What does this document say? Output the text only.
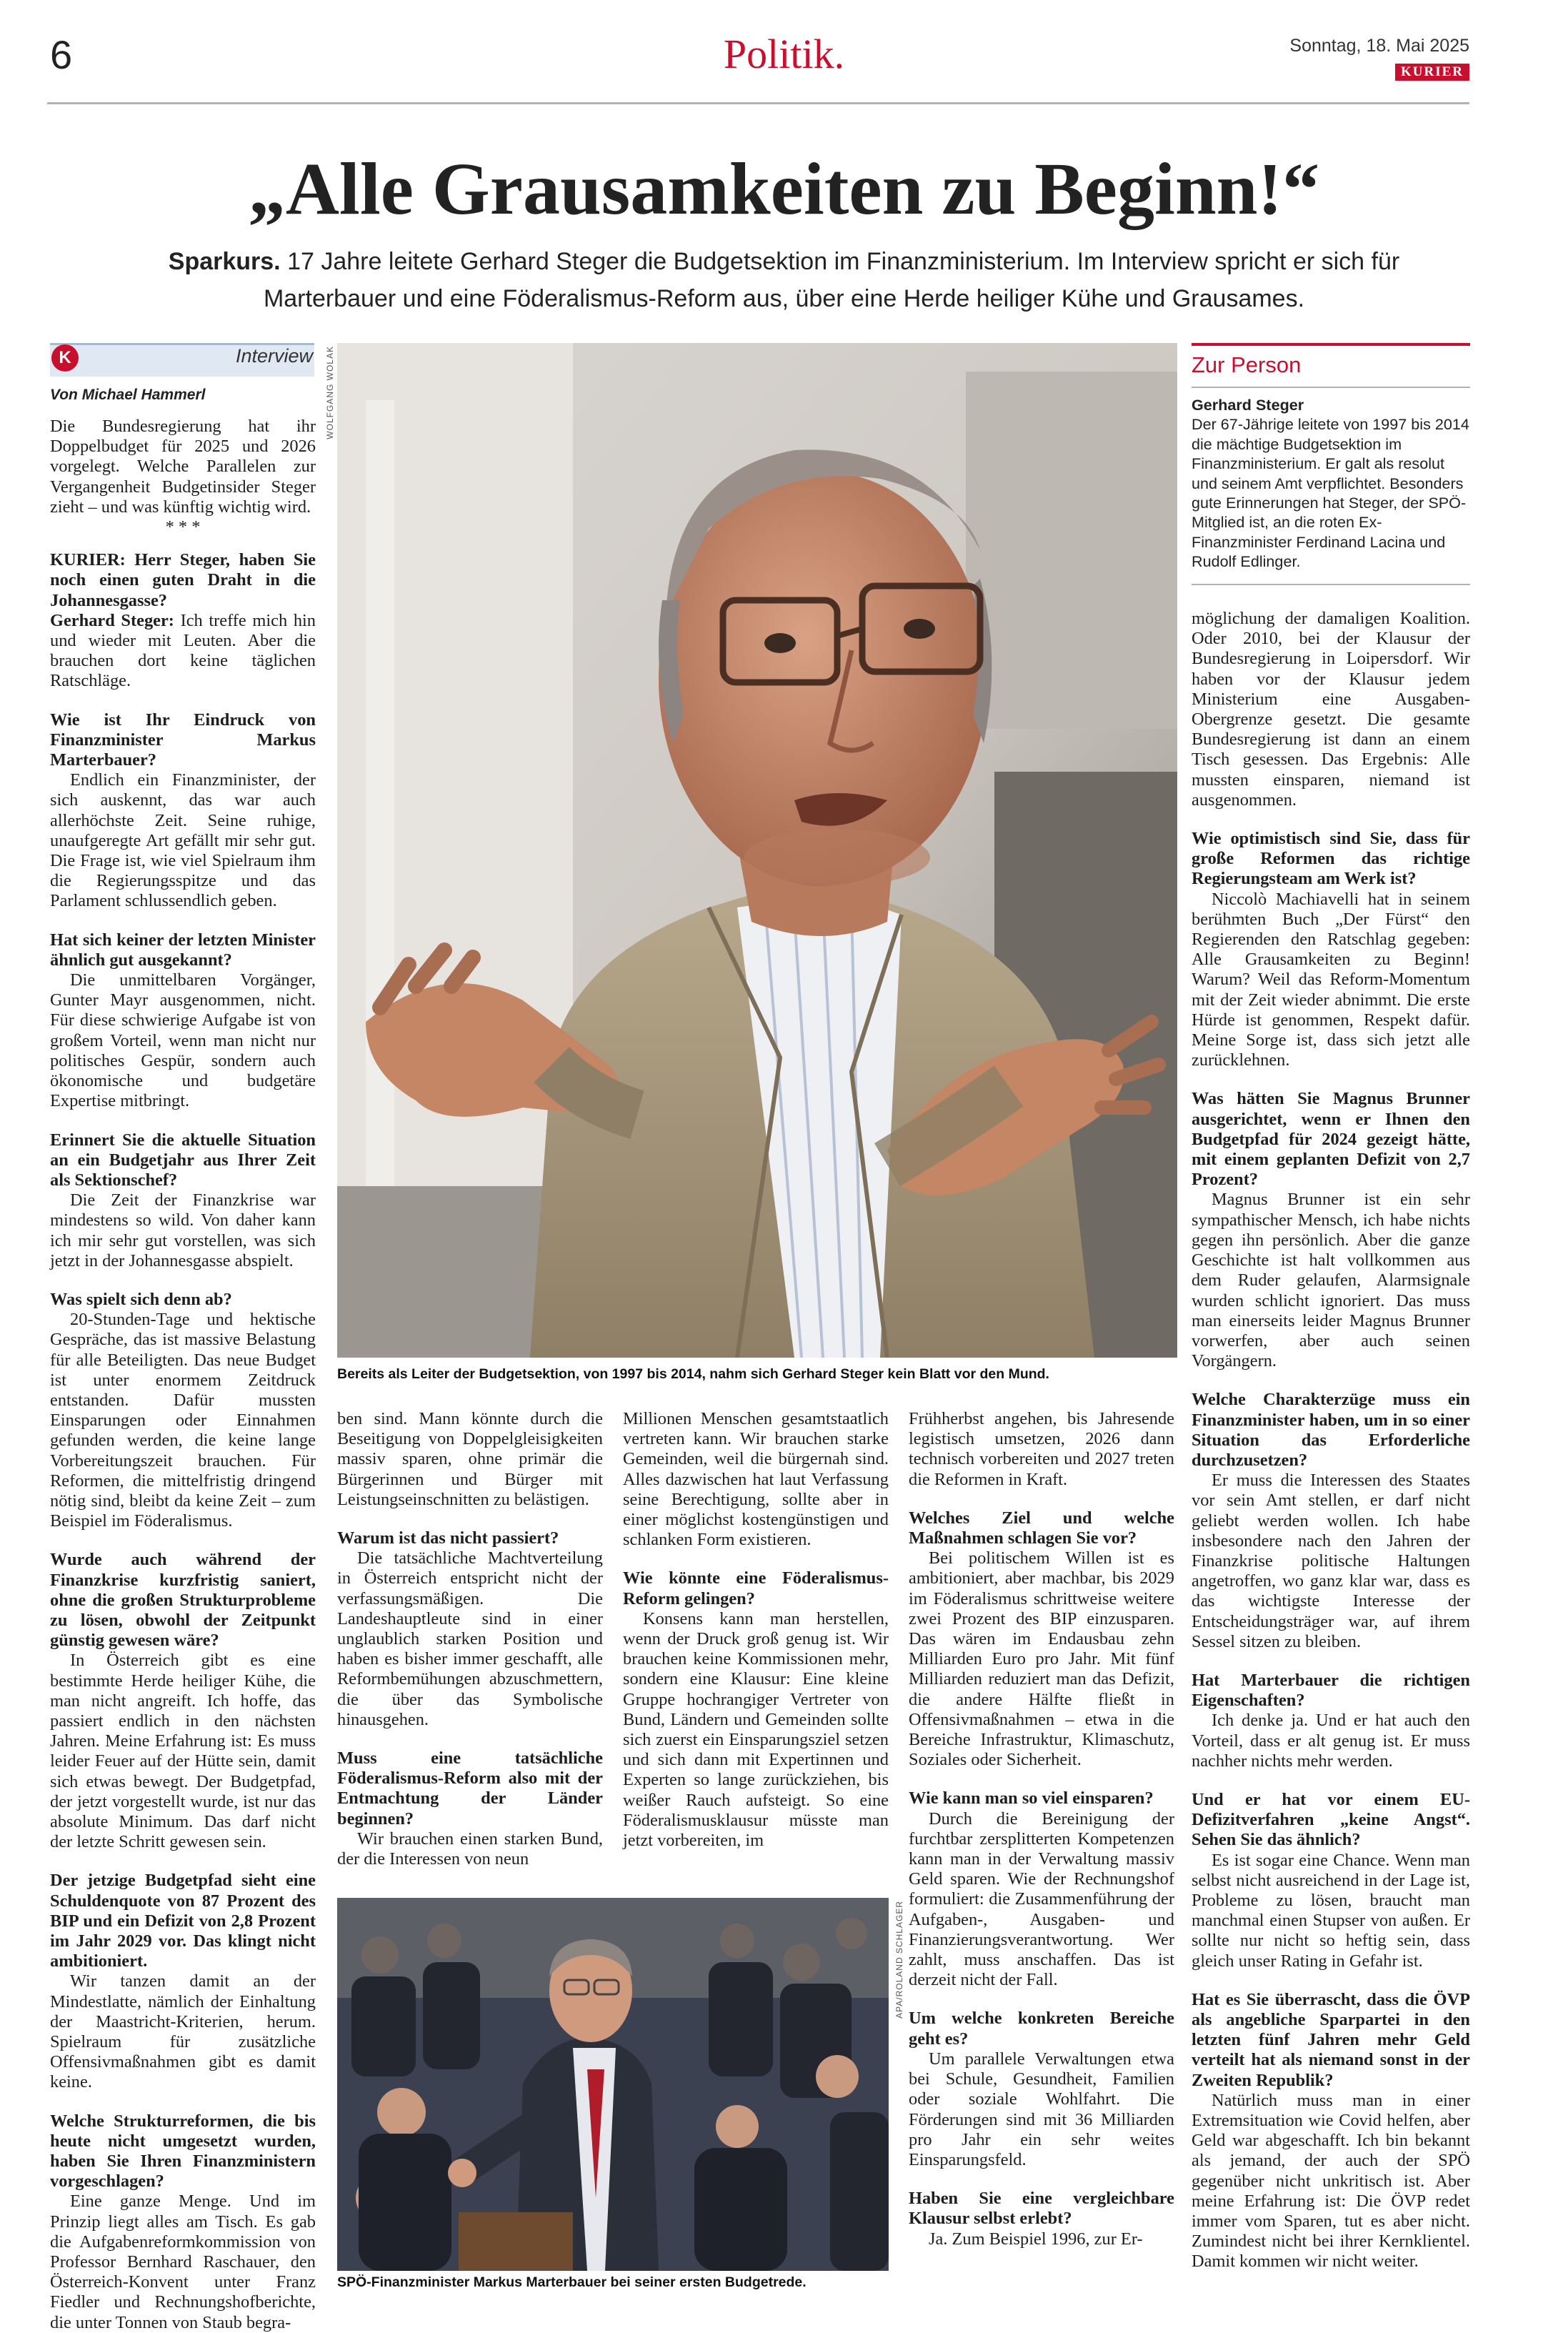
6	Politik.	Sonntag, 18. Mai 2025
KURIER
„Alle Grausamkeiten zu Beginn!“
Sparkurs. 17 Jahre leitete Gerhard Steger die Budgetsektion im Finanzministerium. Im Interview spricht er sich für Marterbauer und eine Föderalismus-Reform aus, über eine Herde heiliger Kühe und Grausames.
K	Interview
Von Michael Hammerl

Die Bundesregierung hat ihr Doppelbudget für 2025 und 2026 vorgelegt. Welche Parallelen zur Vergangenheit Budgetinsider Steger zieht – und was künftig wichtig wird.

* * *

KURIER: Herr Steger, haben Sie noch einen guten Draht in die Johannesgasse?

Gerhard Steger: Ich treffe mich hin und wieder mit Leuten. Aber die brauchen dort keine täglichen Ratschläge.

Wie ist Ihr Eindruck von Finanzminister Markus Marterbauer?

Endlich ein Finanzminister, der sich auskennt, das war auch allerhöchste Zeit. Seine ruhige, unaufgeregte Art gefällt mir sehr gut. Die Frage ist, wie viel Spielraum ihm die Regierungsspitze und das Parlament schlussendlich geben.

Hat sich keiner der letzten Minister ähnlich gut ausgekannt?

Die unmittelbaren Vorgänger, Gunter Mayr ausgenommen, nicht. Für diese schwierige Aufgabe ist von großem Vorteil, wenn man nicht nur politisches Gespür, sondern auch ökonomische und budgetäre Expertise mitbringt.

Erinnert Sie die aktuelle Situation an ein Budgetjahr aus Ihrer Zeit als Sektionschef?

Die Zeit der Finanzkrise war mindestens so wild. Von daher kann ich mir sehr gut vorstellen, was sich jetzt in der Johannesgasse abspielt.

Was spielt sich denn ab?

20-Stunden-Tage und hektische Gespräche, das ist massive Belastung für alle Beteiligten. Das neue Budget ist unter enormem Zeitdruck entstanden. Dafür mussten Einsparungen oder Einnahmen gefunden werden, die keine lange Vorbereitungszeit brauchen. Für Reformen, die mittelfristig dringend nötig sind, bleibt da keine Zeit – zum Beispiel im Föderalismus.

Wurde auch während der Finanzkrise kurzfristig saniert, ohne die großen Strukturprobleme zu lösen, obwohl der Zeitpunkt günstig gewesen wäre?

In Österreich gibt es eine bestimmte Herde heiliger Kühe, die man nicht angreift. Ich hoffe, das passiert endlich in den nächsten Jahren. Meine Erfahrung ist: Es muss leider Feuer auf der Hütte sein, damit sich etwas bewegt. Der Budgetpfad, der jetzt vorgestellt wurde, ist nur das absolute Minimum. Das darf nicht der letzte Schritt gewesen sein.

Der jetzige Budgetpfad sieht eine Schuldenquote von 87 Prozent des BIP und ein Defizit von 2,8 Prozent im Jahr 2029 vor. Das klingt nicht ambitioniert.

Wir tanzen damit an der Mindestlatte, nämlich der Einhaltung der Maastricht-Kriterien, herum. Spielraum für zusätzliche Offensivmaßnahmen gibt es damit keine.

Welche Strukturreformen, die bis heute nicht umgesetzt wurden, haben Sie Ihren Finanzministern vorgeschlagen?

Eine ganze Menge. Und im Prinzip liegt alles am Tisch. Es gab die Aufgabenreformkommission von Professor Bernhard Raschauer, den Österreich-Konvent unter Franz Fiedler und Rechnungshofberichte, die unter Tonnen von Staub begra-

WOLFGANG WOLAK
Bereits als Leiter der Budgetsektion, von 1997 bis 2014, nahm sich Gerhard Steger kein Blatt vor den Mund.
Zur Person
Gerhard Steger
Der 67-Jährige leitete von 1997 bis 2014 die mächtige Budgetsektion im Finanzministerium. Er galt als resolut und seinem Amt verpflichtet. Besonders gute Erinnerungen hat Steger, der SPÖ-Mitglied ist, an die roten Ex-Finanzminister Ferdinand Lacina und Rudolf Edlinger.

möglichung der damaligen Koalition. Oder 2010, bei der Klausur der Bundesregierung in Loipersdorf. Wir haben vor der Klausur jedem Ministerium eine Ausgaben-Obergrenze gesetzt. Die gesamte Bundesregierung ist dann an einem Tisch gesessen. Das Ergebnis: Alle mussten einsparen, niemand ist ausgenommen.

Wie optimistisch sind Sie, dass für große Reformen das richtige Regierungsteam am Werk ist?

Niccolò Machiavelli hat in seinem berühmten Buch „Der Fürst“ den Regierenden den Ratschlag gegeben: Alle Grausamkeiten zu Beginn! Warum? Weil das Reform-Momentum mit der Zeit wieder abnimmt. Die erste Hürde ist genommen, Respekt dafür. Meine Sorge ist, dass sich jetzt alle zurücklehnen.

Was hätten Sie Magnus Brunner ausgerichtet, wenn er Ihnen den Budgetpfad für 2024 gezeigt hätte, mit einem geplanten Defizit von 2,7 Prozent?

Magnus Brunner ist ein sehr sympathischer Mensch, ich habe nichts gegen ihn persönlich. Aber die ganze Geschichte ist halt vollkommen aus dem Ruder gelaufen, Alarmsignale wurden schlicht ignoriert. Das muss man einerseits leider Magnus Brunner vorwerfen, aber auch seinen Vorgängern.

Welche Charakterzüge muss ein Finanzminister haben, um in so einer Situation das Erforderliche durchzusetzen?

Er muss die Interessen des Staates vor sein Amt stellen, er darf nicht geliebt werden wollen. Ich habe insbesondere nach den Jahren der Finanzkrise politische Haltungen angetroffen, wo ganz klar war, dass es das wichtigste Interesse der Entscheidungsträger war, auf ihrem Sessel sitzen zu bleiben.

Hat Marterbauer die richtigen Eigenschaften?

Ich denke ja. Und er hat auch den Vorteil, dass er alt genug ist. Er muss nachher nichts mehr werden.

Und er hat vor einem EU-Defizitverfahren „keine Angst“. Sehen Sie das ähnlich?

Es ist sogar eine Chance. Wenn man selbst nicht ausreichend in der Lage ist, Probleme zu lösen, braucht man manchmal einen Stupser von außen. Er sollte nur nicht so heftig sein, dass gleich unser Rating in Gefahr ist.

Hat es Sie überrascht, dass die ÖVP als angebliche Sparpartei in den letzten fünf Jahren mehr Geld verteilt hat als niemand sonst in der Zweiten Republik?

Natürlich muss man in einer Extremsituation wie Covid helfen, aber Geld war abgeschafft. Ich bin bekannt als jemand, der auch der SPÖ gegenüber nicht unkritisch ist. Aber meine Erfahrung ist: Die ÖVP redet immer vom Sparen, tut es aber nicht. Zumindest nicht bei ihrer Kernklientel. Damit kommen wir nicht weiter.

ben sind. Mann könnte durch die Beseitigung von Doppelgleisigkeiten massiv sparen, ohne primär die Bürgerinnen und Bürger mit Leistungseinschnitten zu belästigen.

Warum ist das nicht passiert?

Die tatsächliche Machtverteilung in Österreich entspricht nicht der verfassungsmäßigen. Die Landeshauptleute sind in einer unglaublich starken Position und haben es bisher immer geschafft, alle Reformbemühungen abzuschmettern, die über das Symbolische hinausgehen.

Muss eine tatsächliche Föderalismus-Reform also mit der Entmachtung der Länder beginnen?

Wir brauchen einen starken Bund, der die Interessen von neun

Millionen Menschen gesamtstaatlich vertreten kann. Wir brauchen starke Gemeinden, weil die bürgernah sind. Alles dazwischen hat laut Verfassung seine Berechtigung, sollte aber in einer möglichst kostengünstigen und schlanken Form existieren.

Wie könnte eine Föderalismus-Reform gelingen?

Konsens kann man herstellen, wenn der Druck groß genug ist. Wir brauchen keine Kommissionen mehr, sondern eine Klausur: Eine kleine Gruppe hochrangiger Vertreter von Bund, Ländern und Gemeinden sollte sich zuerst ein Einsparungsziel setzen und sich dann mit Expertinnen und Experten so lange zurückziehen, bis weißer Rauch aufsteigt. So eine Föderalismusklausur müsste man jetzt vorbereiten, im

Frühherbst angehen, bis Jahresende legistisch umsetzen, 2026 dann technisch vorbereiten und 2027 treten die Reformen in Kraft.

Welches Ziel und welche Maßnahmen schlagen Sie vor?

Bei politischem Willen ist es ambitioniert, aber machbar, bis 2029 im Föderalismus schrittweise weitere zwei Prozent des BIP einzusparen. Das wären im Endausbau zehn Milliarden Euro pro Jahr. Mit fünf Milliarden reduziert man das Defizit, die andere Hälfte fließt in Offensivmaßnahmen – etwa in die Bereiche Infrastruktur, Klimaschutz, Soziales oder Sicherheit.

Wie kann man so viel einsparen?

Durch die Bereinigung der furchtbar zersplitterten Kompetenzen kann man in der Verwaltung massiv Geld sparen. Wie der Rechnungshof formuliert: die Zusammenführung der Aufgaben-, Ausgaben- und Finanzierungsverantwortung. Wer zahlt, muss anschaffen. Das ist derzeit nicht der Fall.

Um welche konkreten Bereiche geht es?

Um parallele Verwaltungen etwa bei Schule, Gesundheit, Familien oder soziale Wohlfahrt. Die Förderungen sind mit 36 Milliarden pro Jahr ein sehr weites Einsparungsfeld.

Haben Sie eine vergleichbare Klausur selbst erlebt?

Ja. Zum Beispiel 1996, zur Er-

APA/ROLAND SCHLAGER
SPÖ-Finanzminister Markus Marterbauer bei seiner ersten Budgetrede.
